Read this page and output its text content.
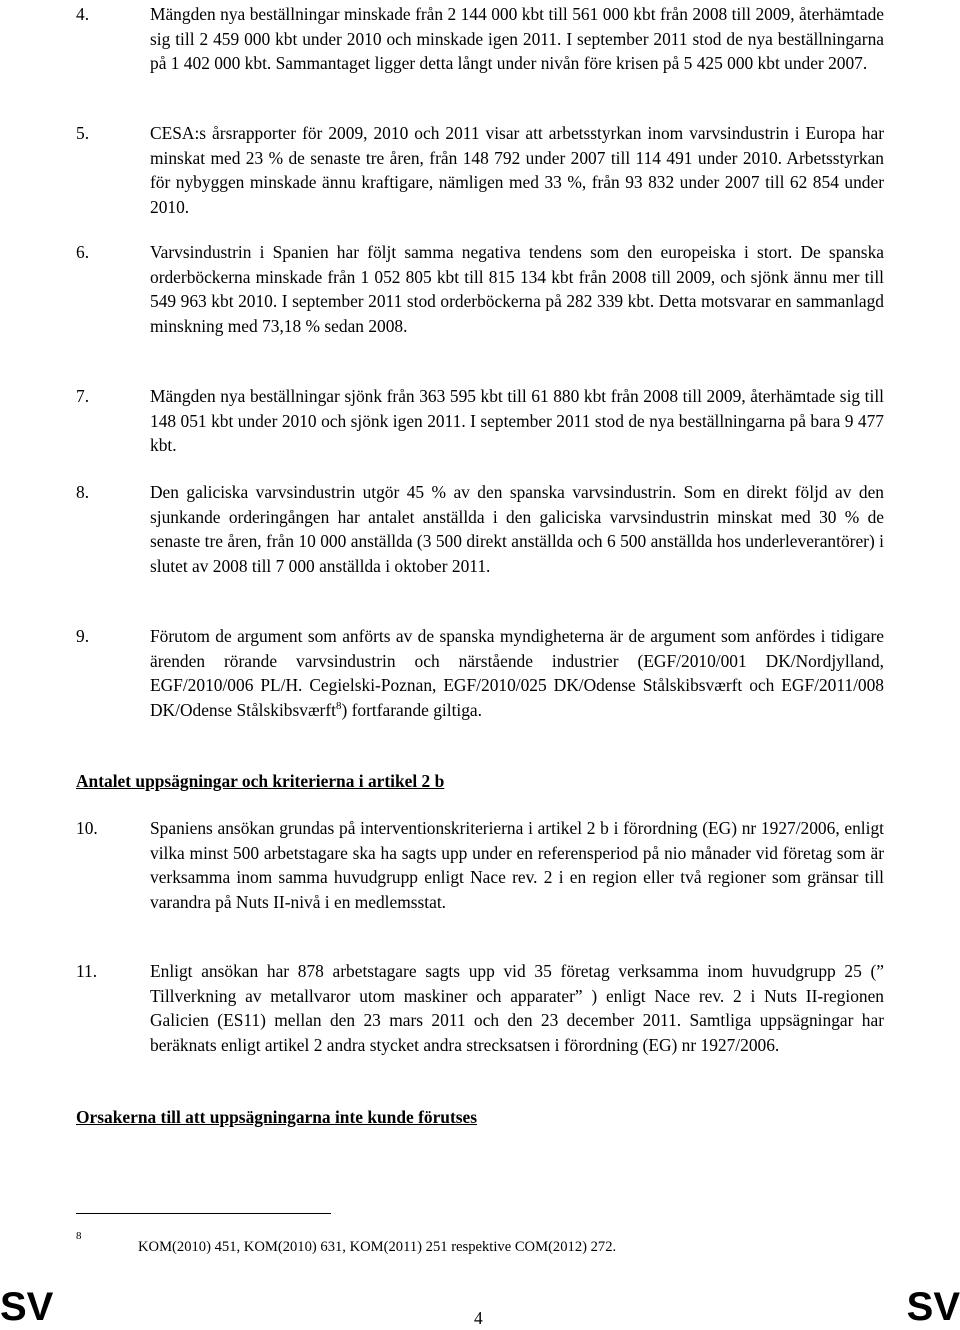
4.	Mängden nya beställningar minskade från 2 144 000 kbt till 561 000 kbt från 2008 till 2009, återhämtade sig till 2 459 000 kbt under 2010 och minskade igen 2011. I september 2011 stod de nya beställningarna på 1 402 000 kbt. Sammantaget ligger detta långt under nivån före krisen på 5 425 000 kbt under 2007.
5.	CESA:s årsrapporter för 2009, 2010 och 2011 visar att arbetsstyrkan inom varvsindustrin i Europa har minskat med 23 % de senaste tre åren, från 148 792 under 2007 till 114 491 under 2010. Arbetsstyrkan för nybyggen minskade ännu kraftigare, nämligen med 33 %, från 93 832 under 2007 till 62 854 under 2010.
6.	Varvsindustrin i Spanien har följt samma negativa tendens som den europeiska i stort. De spanska orderböckerna minskade från 1 052 805 kbt till 815 134 kbt från 2008 till 2009, och sjönk ännu mer till 549 963 kbt 2010. I september 2011 stod orderböckerna på 282 339 kbt. Detta motsvarar en sammanlagd minskning med 73,18 % sedan 2008.
7.	Mängden nya beställningar sjönk från 363 595 kbt till 61 880 kbt från 2008 till 2009, återhämtade sig till 148 051 kbt under 2010 och sjönk igen 2011. I september 2011 stod de nya beställningarna på bara 9 477 kbt.
8.	Den galiciska varvsindustrin utgör 45 % av den spanska varvsindustrin. Som en direkt följd av den sjunkande orderingången har antalet anställda i den galiciska varvsindustrin minskat med 30 % de senaste tre åren, från 10 000 anställda (3 500 direkt anställda och 6 500 anställda hos underleverantörer) i slutet av 2008 till 7 000 anställda i oktober 2011.
9.	Förutom de argument som anförts av de spanska myndigheterna är de argument som anfördes i tidigare ärenden rörande varvsindustrin och närstående industrier (EGF/2010/001 DK/Nordjylland, EGF/2010/006 PL/H. Cegielski-Poznan, EGF/2010/025 DK/Odense Stålskibsværft och EGF/2011/008 DK/Odense Stålskibsværft$^8$) fortfarande giltiga.
Antalet uppsägningar och kriterierna i artikel 2 b
10.	Spaniens ansökan grundas på interventionskriterierna i artikel 2 b i förordning (EG) nr 1927/2006, enligt vilka minst 500 arbetstagare ska ha sagts upp under en referensperiod på nio månader vid företag som är verksamma inom samma huvudgrupp enligt Nace rev. 2 i en region eller två regioner som gränsar till varandra på Nuts II-nivå i en medlemsstat.
11.	Enligt ansökan har 878 arbetstagare sagts upp vid 35 företag verksamma inom huvudgrupp 25 (” Tillverkning av metallvaror utom maskiner och apparater” ) enligt Nace rev. 2 i Nuts II-regionen Galicien (ES11) mellan den 23 mars 2011 och den 23 december 2011. Samtliga uppsägningar har beräknats enligt artikel 2 andra stycket andra strecksatsen i förordning (EG) nr 1927/2006.
Orsakerna till att uppsägningarna inte kunde förutses
8
KOM(2010) 451, KOM(2010) 631, KOM(2011) 251 respektive COM(2012) 272.
SV	4	SV
